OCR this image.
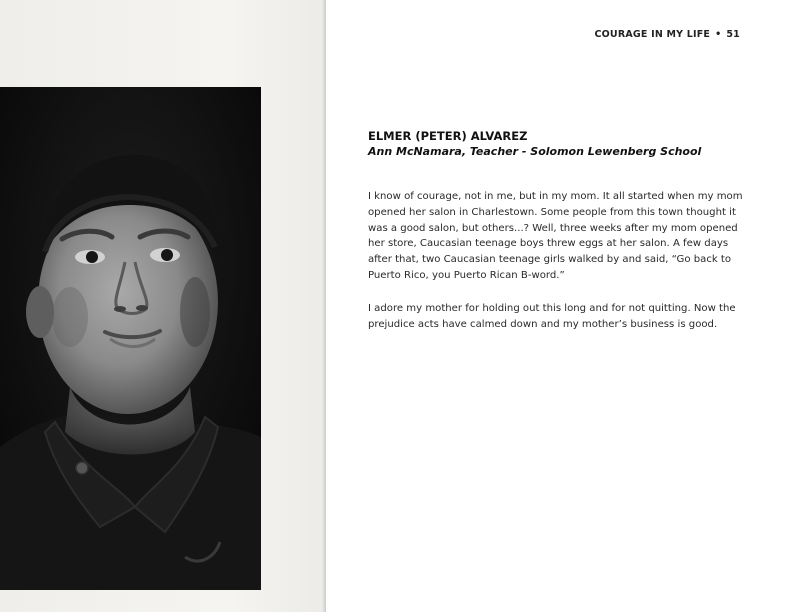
COURAGE IN MY LIFE • 51
ELMER (PETER) ALVAREZ
Ann McNamara, Teacher - Solomon Lewenberg School

I know of courage, not in me, but in my mom. It all started when my mom opened her salon in Charlestown. Some people from this town thought it was a good salon, but others...? Well, three weeks after my mom opened her store, Caucasian teenage boys threw eggs at her salon. A few days after that, two Caucasian teenage girls walked by and said, “Go back to Puerto Rico, you Puerto Rican B-word.”

I adore my mother for holding out this long and for not quitting. Now the prejudice acts have calmed down and my mother’s business is good.
